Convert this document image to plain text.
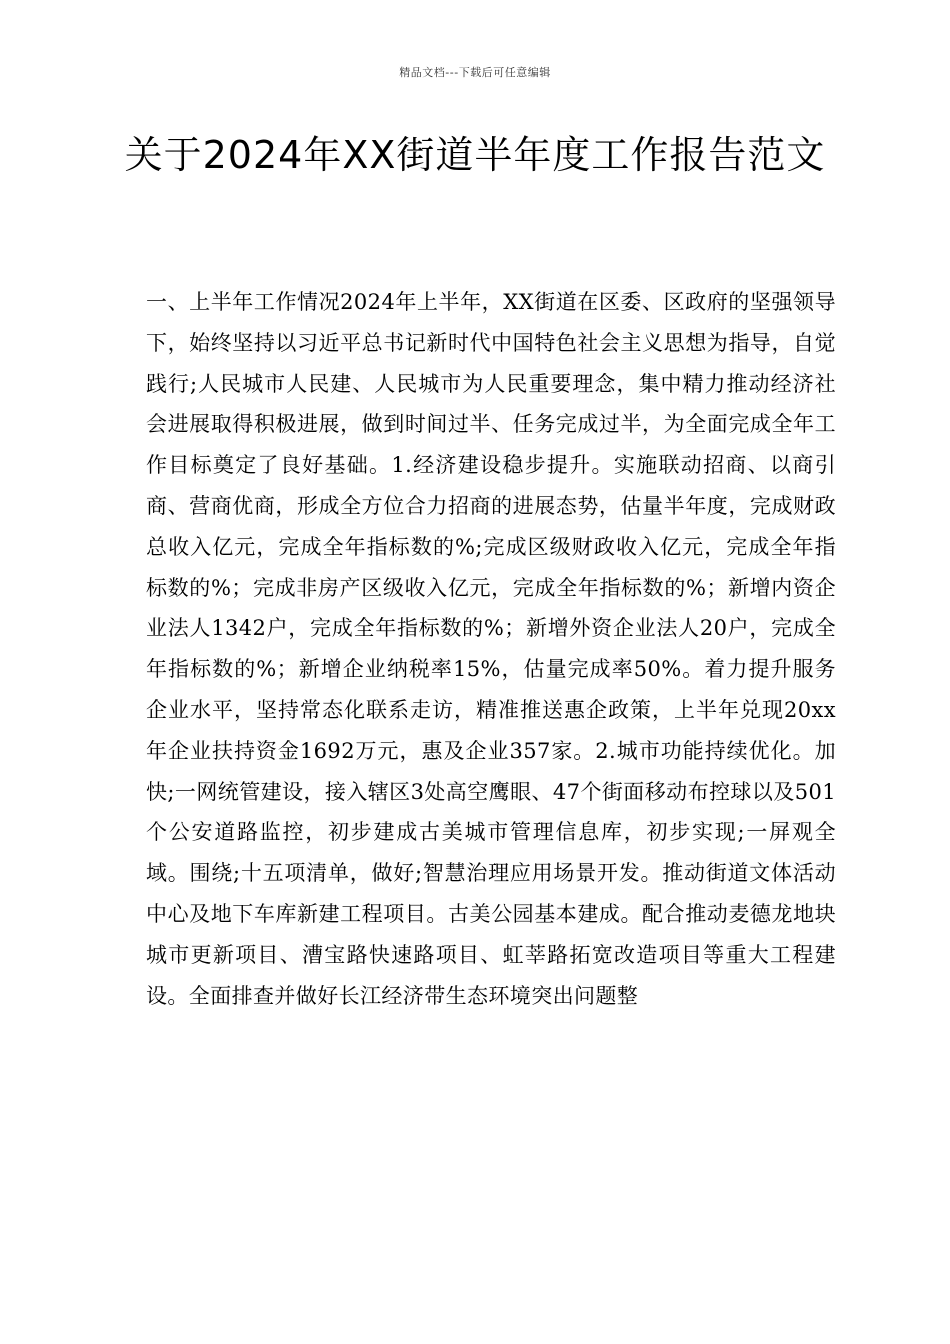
精品文档---下载后可任意编辑
关于2024年XX街道半年度工作报告范文

一、上半年工作情况2024年上半年，XX街道在区委、区政府的坚强领导下，始终坚持以习近平总书记新时代中国特色社会主义思想为指导，自觉践行;人民城市人民建、人民城市为人民重要理念，集中精力推动经济社会进展取得积极进展，做到时间过半、任务完成过半，为全面完成全年工作目标奠定了良好基础。1.经济建设稳步提升。实施联动招商、以商引商、营商优商，形成全方位合力招商的进展态势，估量半年度，完成财政总收入亿元，完成全年指标数的%;完成区级财政收入亿元，完成全年指标数的%；完成非房产区级收入亿元，完成全年指标数的%；新增内资企业法人1342户，完成全年指标数的%；新增外资企业法人20户，完成全年指标数的%；新增企业纳税率15%，估量完成率50%。着力提升服务企业水平，坚持常态化联系走访，精准推送惠企政策，上半年兑现20xx年企业扶持资金1692万元，惠及企业357家。2.城市功能持续优化。加快;一网统管建设，接入辖区3处高空鹰眼、47个街面移动布控球以及501个公安道路监控，初步建成古美城市管理信息库，初步实现;一屏观全域。围绕;十五项清单，做好;智慧治理应用场景开发。推动街道文体活动中心及地下车库新建工程项目。古美公园基本建成。配合推动麦德龙地块城市更新项目、漕宝路快速路项目、虹莘路拓宽改造项目等重大工程建设。全面排查并做好长江经济带生态环境突出问题整
